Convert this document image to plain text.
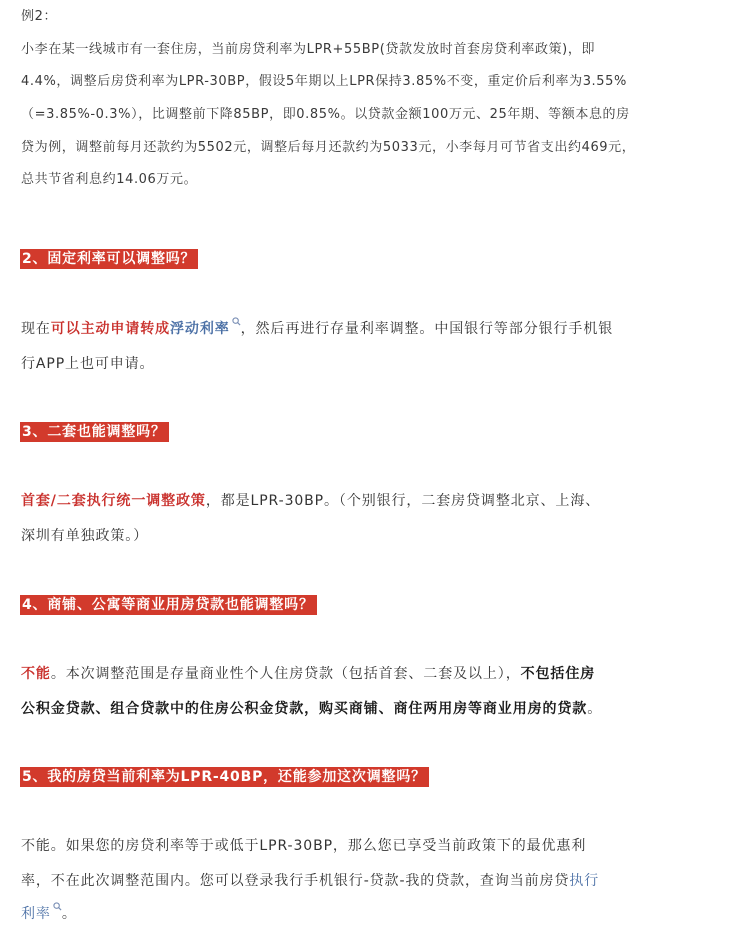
例2：

小李在某一线城市有一套住房，当前房贷利率为LPR+55BP(贷款发放时首套房贷利率政策)，即

4.4%，调整后房贷利率为LPR-30BP，假设5年期以上LPR保持3.85%不变，重定价后利率为3.55%

（=3.85%-0.3%），比调整前下降85BP，即0.85%。以贷款金额100万元、25年期、等额本息的房

贷为例，调整前每月还款约为5502元，调整后每月还款约为5033元，小李每月可节省支出约469元，

总共节省利息约14.06万元。

2、固定利率可以调整吗？

现在可以主动申请转成浮动利率 ，然后再进行存量利率调整。中国银行等部分银行手机银

行APP上也可申请。

3、二套也能调整吗？

首套/二套执行统一调整政策，都是LPR-30BP。（个别银行，二套房贷调整北京、上海、

深圳有单独政策。）

4、商铺、公寓等商业用房贷款也能调整吗？

不能。本次调整范围是存量商业性个人住房贷款（包括首套、二套及以上），不包括住房

公积金贷款、组合贷款中的住房公积金贷款，购买商铺、商住两用房等商业用房的贷款。

5、我的房贷当前利率为LPR-40BP，还能参加这次调整吗？

不能。如果您的房贷利率等于或低于LPR-30BP，那么您已享受当前政策下的最优惠利

率，不在此次调整范围内。您可以登录我行手机银行-贷款-我的贷款，查询当前房贷执行

利率 。
